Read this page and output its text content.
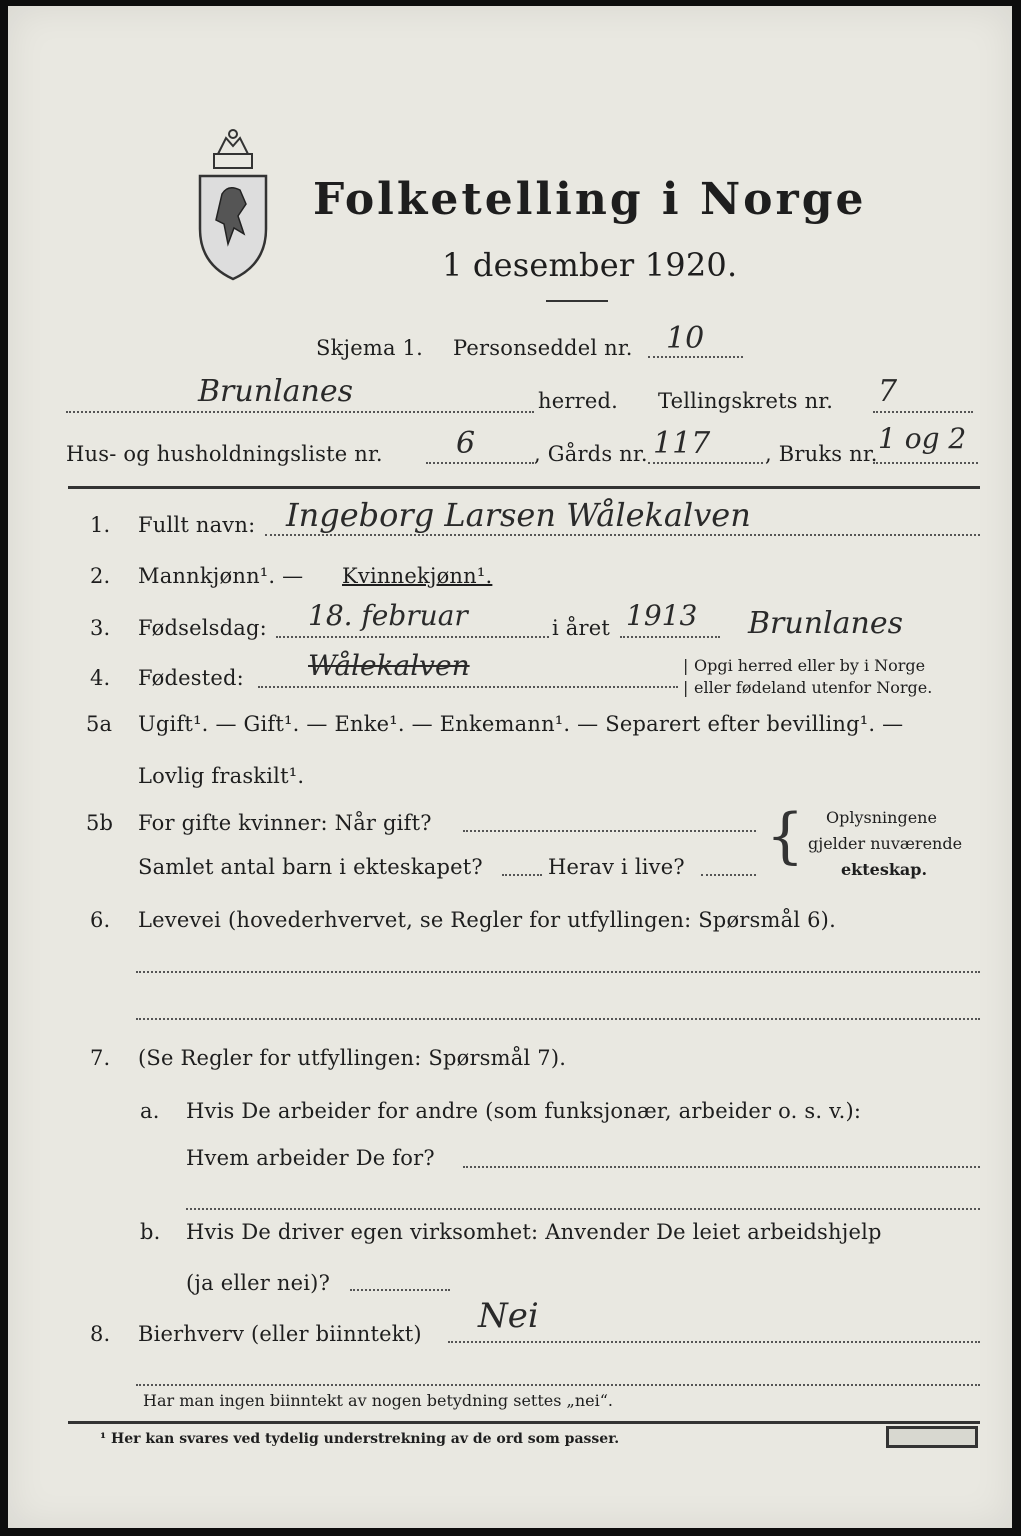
Folketelling i Norge
1 desember 1920.
Skjema 1. Personseddel nr. 10
Brunlanes	herred. Tellingskrets nr. 7
Hus- og husholdningsliste nr. 6	, Gårds nr. 117	, Bruks nr. 1 og 2
1. Fullt navn: Ingeborg Larsen Wålekalven
2. Mannkjønn¹. — Kvinnekjønn¹.
3. Fødselsdag: 18. februar	i året 1913 Brunlanes
4. Fødested: Wålekalven	|
|
Opgi herred eller by i Norge
eller fødeland utenfor Norge.
5a Ugift¹. — Gift¹. — Enke¹. — Enkemann¹. — Separert efter bevilling¹. —
Lovlig fraskilt¹.
5b For gifte kvinner: Når gift?
Samlet antal barn i ekteskapet?	Herav i live? { Oplysningene
gjelder nuværende
ekteskap.
6. Levevei (hovederhvervet, se Regler for utfyllingen: Spørsmål 6).
7. (Se Regler for utfyllingen: Spørsmål 7).
a. Hvis De arbeider for andre (som funksjonær, arbeider o. s. v.):
Hvem arbeider De for?
b. Hvis De driver egen virksomhet: Anvender De leiet arbeidshjelp
(ja eller nei)?
8. Bierhverv (eller biinntekt) Nei
Har man ingen biinntekt av nogen betydning settes „nei“.
¹ Her kan svares ved tydelig understrekning av de ord som passer.
